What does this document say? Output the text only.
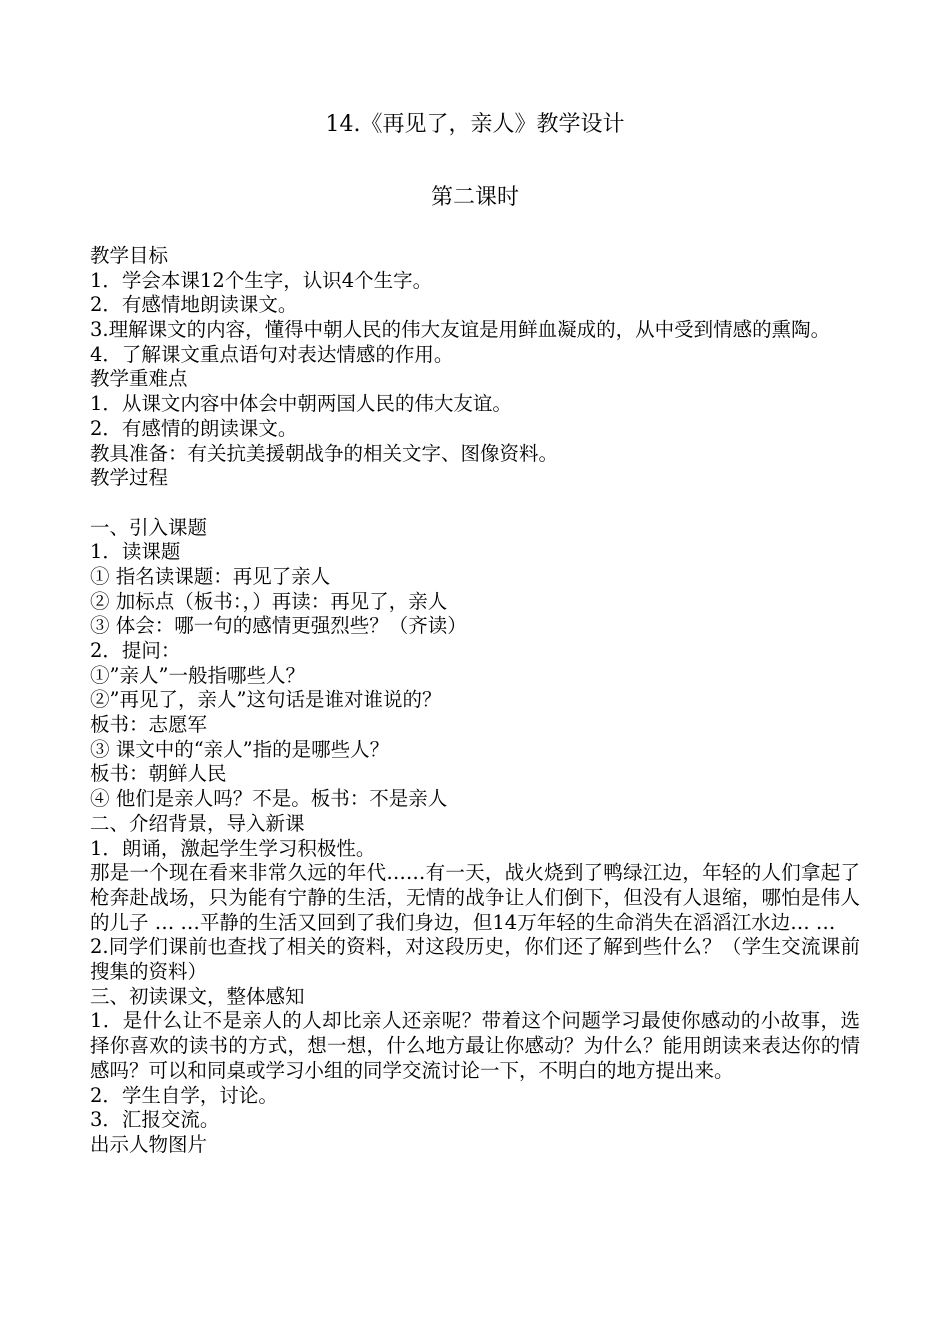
14.《再见了，亲人》教学设计
第二课时
教学目标
1．学会本课12个生字，认识4个生字。
2．有感情地朗读课文。
3.理解课文的内容，懂得中朝人民的伟大友谊是用鲜血凝成的，从中受到情感的熏陶。
4．了解课文重点语句对表达情感的作用。
教学重难点
1．从课文内容中体会中朝两国人民的伟大友谊。
2．有感情的朗读课文。
教具准备：有关抗美援朝战争的相关文字、图像资料。
教学过程
一、引入课题
1．读课题
① 指名读课题：再见了亲人
② 加标点（板书：，）再读：再见了，亲人
③ 体会：哪一句的感情更强烈些？（齐读）
2．提问：
①”亲人”一般指哪些人？
②”再见了，亲人”这句话是谁对谁说的？
板书：志愿军
③ 课文中的“亲人”指的是哪些人？
板书：朝鲜人民
④ 他们是亲人吗？不是。板书：不是亲人
二、介绍背景，导入新课
1．朗诵，激起学生学习积极性。
那是一个现在看来非常久远的年代……有一天，战火烧到了鸭绿江边，年轻的人们拿起了枪奔赴战场，只为能有宁静的生活，无情的战争让人们倒下，但没有人退缩，哪怕是伟人的儿子 … …平静的生活又回到了我们身边，但14万年轻的生命消失在滔滔江水边… …
2.同学们课前也查找了相关的资料，对这段历史，你们还了解到些什么？（学生交流课前搜集的资料）
三、初读课文，整体感知
1．是什么让不是亲人的人却比亲人还亲呢？带着这个问题学习最使你感动的小故事，选择你喜欢的读书的方式，想一想，什么地方最让你感动？为什么？能用朗读来表达你的情感吗？可以和同桌或学习小组的同学交流讨论一下，不明白的地方提出来。
2．学生自学，讨论。
3．汇报交流。
出示人物图片
